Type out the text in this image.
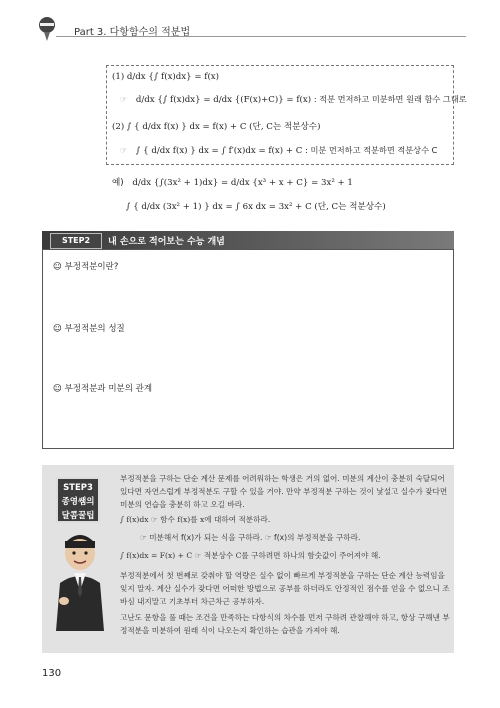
Part 3. 다항함수의 적분법
(1) d/dx {∫ f(x)dx} = f(x)
☞ d/dx {∫ f(x)dx} = d/dx {(F(x)+C)} = f(x) : 적분 먼저하고 미분하면 원래 함수 그대로
(2) ∫ { d/dx f(x) } dx = f(x) + C (단, C는 적분상수)
☞ ∫ { d/dx f(x) } dx = ∫ f′(x)dx = f(x) + C : 미분 먼저하고 적분하면 적분상수 C
예) d/dx {∫(3x² + 1)dx} = d/dx {x³ + x + C} = 3x² + 1
∫ { d/dx (3x² + 1) } dx = ∫ 6x dx = 3x² + C (단, C는 적분상수)
STEP2	내 손으로 적어보는 수능 개념
☺ 부정적분이란?
☺ 부정적분의 성질
☺ 부정적분과 미분의 관계
STEP3
종영쌤의
달콤꿀팁
부정적분을 구하는 단순 계산 문제를 어려워하는 학생은 거의 없어. 미분의 계산이 충분히 숙달되어 있다면 자연스럽게 부정적분도 구할 수 있을 거야. 만약 부정적분 구하는 것이 낯설고 실수가 잦다면 미분의 연습을 충분히 하고 오길 바라.
∫ f(x)dx ☞ 함수 f(x)를 x에 대하여 적분하라.
☞ 미분해서 f(x)가 되는 식을 구하라. ☞ f(x)의 부정적분을 구하라.
∫ f(x)dx = F(x) + C ☞ 적분상수 C를 구하려면 하나의 함숫값이 주어져야 해.
부정적분에서 첫 번째로 갖춰야 할 역량은 실수 없이 빠르게 부정적분을 구하는 단순 계산 능력임을 잊지 말자. 계산 실수가 잦다면 어떠한 방법으로 공부를 하더라도 안정적인 점수를 얻을 수 없으니 조바심 내지말고 기초부터 차근차근 공부하자.
고난도 문항을 풀 때는 조건을 만족하는 다항식의 차수를 먼저 구하려 관찰해야 하고, 항상 구해낸 부정적분을 미분하여 원래 식이 나오는지 확인하는 습관을 가져야 해.
130
